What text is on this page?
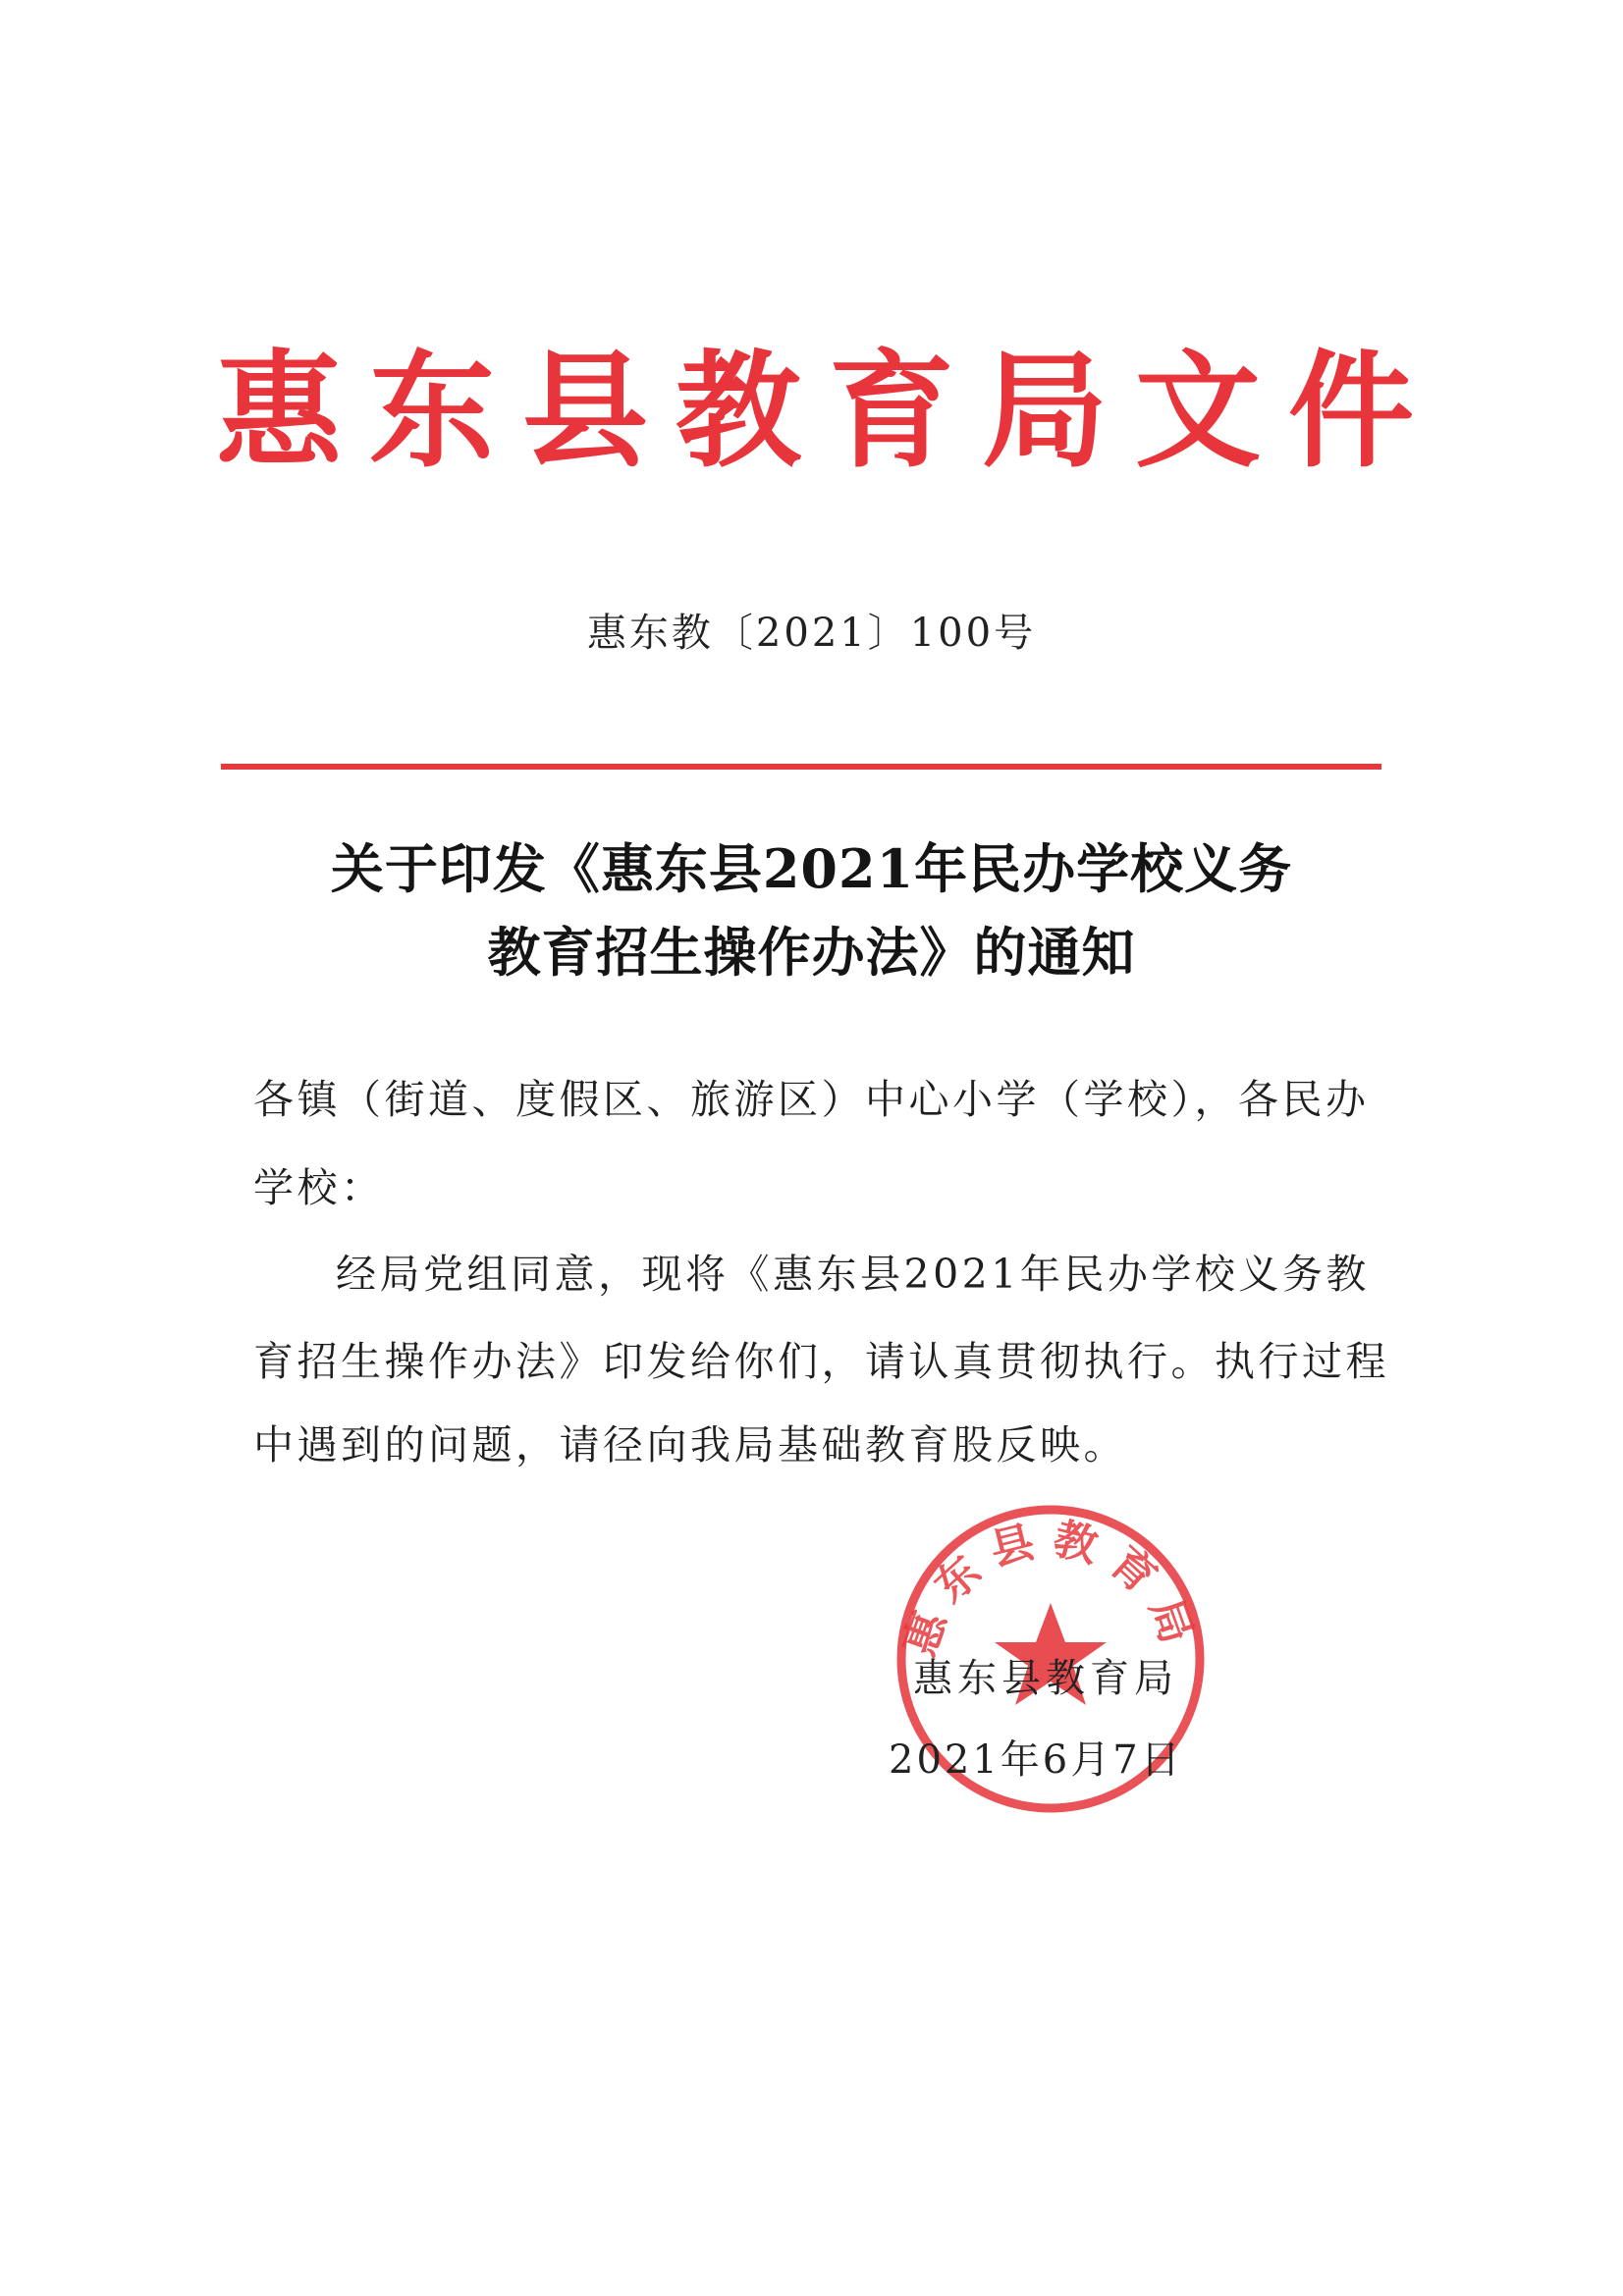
惠东县教育局文件
惠东教〔2021〕100号
关于印发《惠东县2021年民办学校义务
教育招生操作办法》的通知

各镇（街道、度假区、旅游区）中心小学（学校），各民办

学校：

经局党组同意，现将《惠东县2021年民办学校义务教

育招生操作办法》印发给你们，请认真贯彻执行。执行过程

中遇到的问题，请径向我局基础教育股反映。

惠东县教育局
惠东县教育局
2021年6月7日
